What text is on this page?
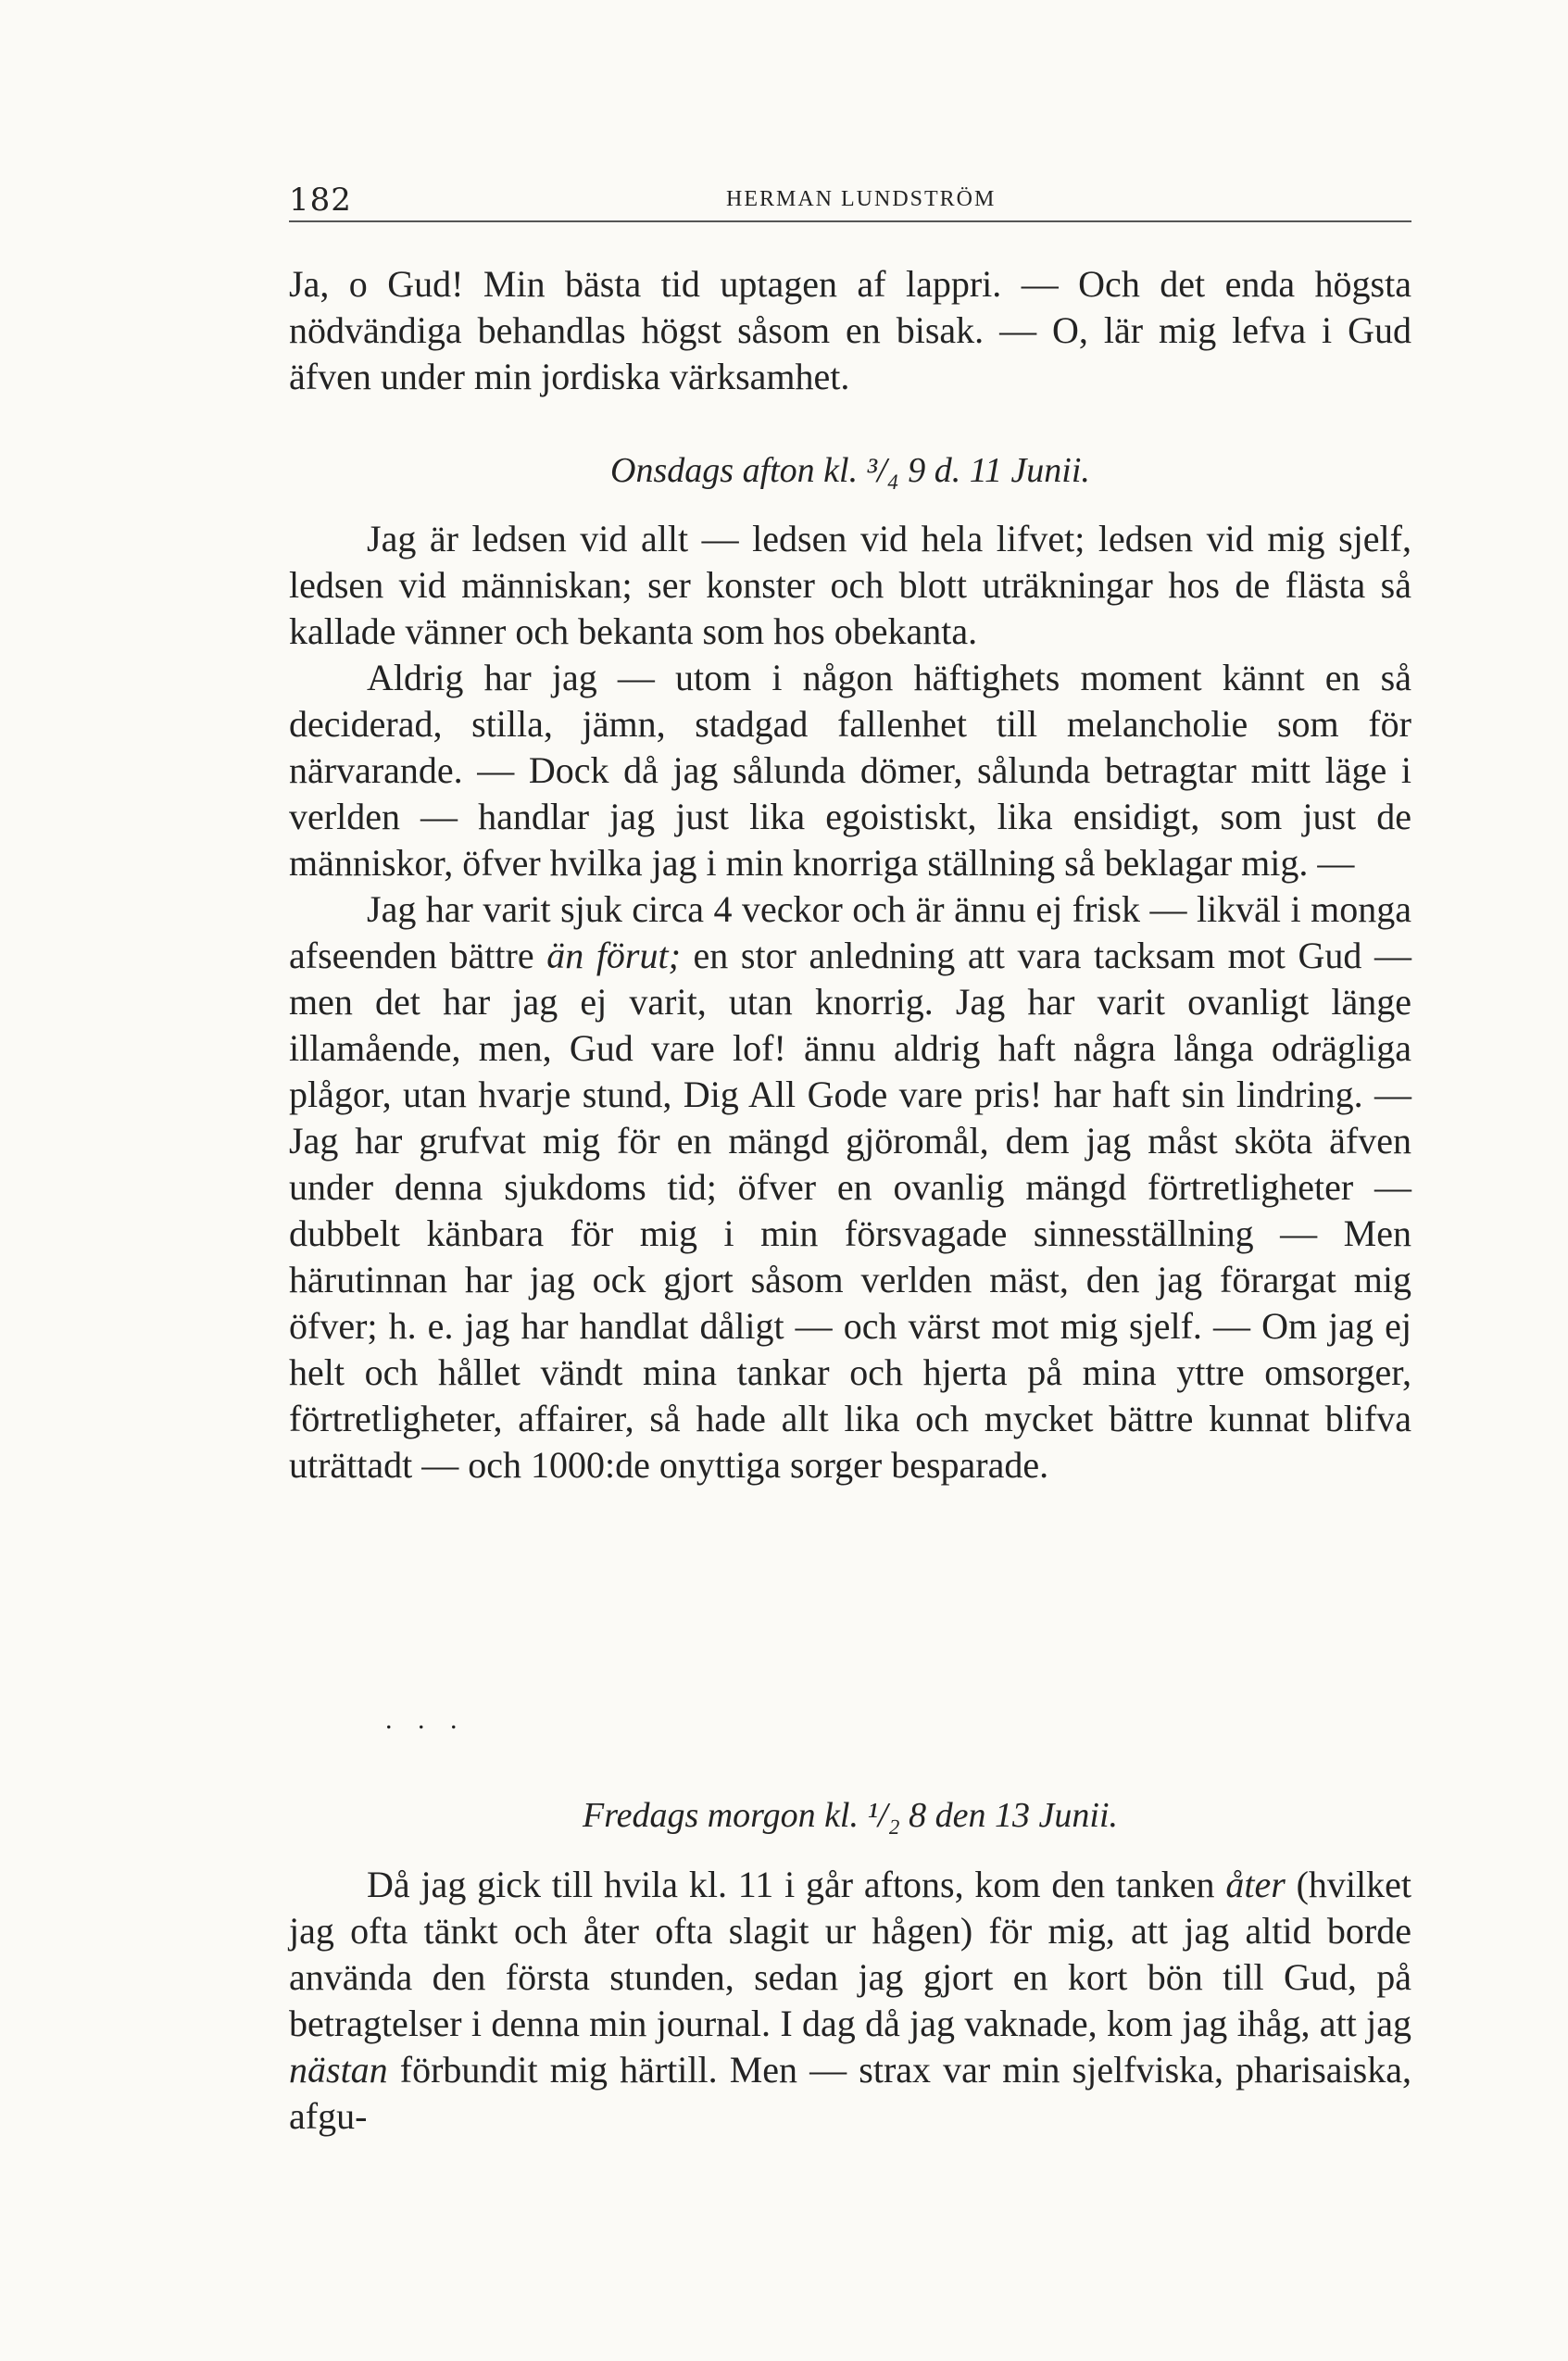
182	HERMAN LUNDSTRÖM

Ja, o Gud! Min bästa tid uptagen af lappri. — Och det enda högsta nödvändiga behandlas högst såsom en bisak. — O, lär mig lefva i Gud äfven under min jordiska värksamhet.

Onsdags afton kl. ³/₄ 9 d. 11 Junii.

Jag är ledsen vid allt — ledsen vid hela lifvet; ledsen vid mig sjelf, ledsen vid människan; ser konster och blott uträkningar hos de flästa så kallade vänner och bekanta som hos obekanta.

Aldrig har jag — utom i någon häftighets moment kännt en så deciderad, stilla, jämn, stadgad fallenhet till melancholie som för närvarande. — Dock då jag sålunda dömer, sålunda betragtar mitt läge i verlden — handlar jag just lika egoistiskt, lika ensidigt, som just de människor, öfver hvilka jag i min knorriga ställning så beklagar mig. —

Jag har varit sjuk circa 4 veckor och är ännu ej frisk — likväl i monga afseenden bättre än förut; en stor anledning att vara tacksam mot Gud — men det har jag ej varit, utan knorrig. Jag har varit ovanligt länge illamående, men, Gud vare lof! ännu aldrig haft några långa odrägliga plågor, utan hvarje stund, Dig All Gode vare pris! har haft sin lindring. — Jag har grufvat mig för en mängd gjöromål, dem jag måst sköta äfven under denna sjukdoms tid; öfver en ovanlig mängd förtretligheter — dubbelt känbara för mig i min försvagade sinnesställning — Men härutinnan har jag ock gjort såsom verlden mäst, den jag förargat mig öfver; h. e. jag har handlat dåligt — och värst mot mig sjelf. — Om jag ej helt och hållet vändt mina tankar och hjerta på mina yttre omsorger, förtretligheter, affairer, så hade allt lika och mycket bättre kunnat blifva uträttadt — och 1000:de onyttiga sorger besparade.

. . .
Fredags morgon kl. ¹/₂ 8 den 13 Junii.

Då jag gick till hvila kl. 11 i går aftons, kom den tanken åter (hvilket jag ofta tänkt och åter ofta slagit ur hågen) för mig, att jag altid borde använda den första stunden, sedan jag gjort en kort bön till Gud, på betragtelser i denna min journal. I dag då jag vaknade, kom jag ihåg, att jag nästan förbundit mig härtill. Men — strax var min sjelfviska, pharisaiska, afgu-
